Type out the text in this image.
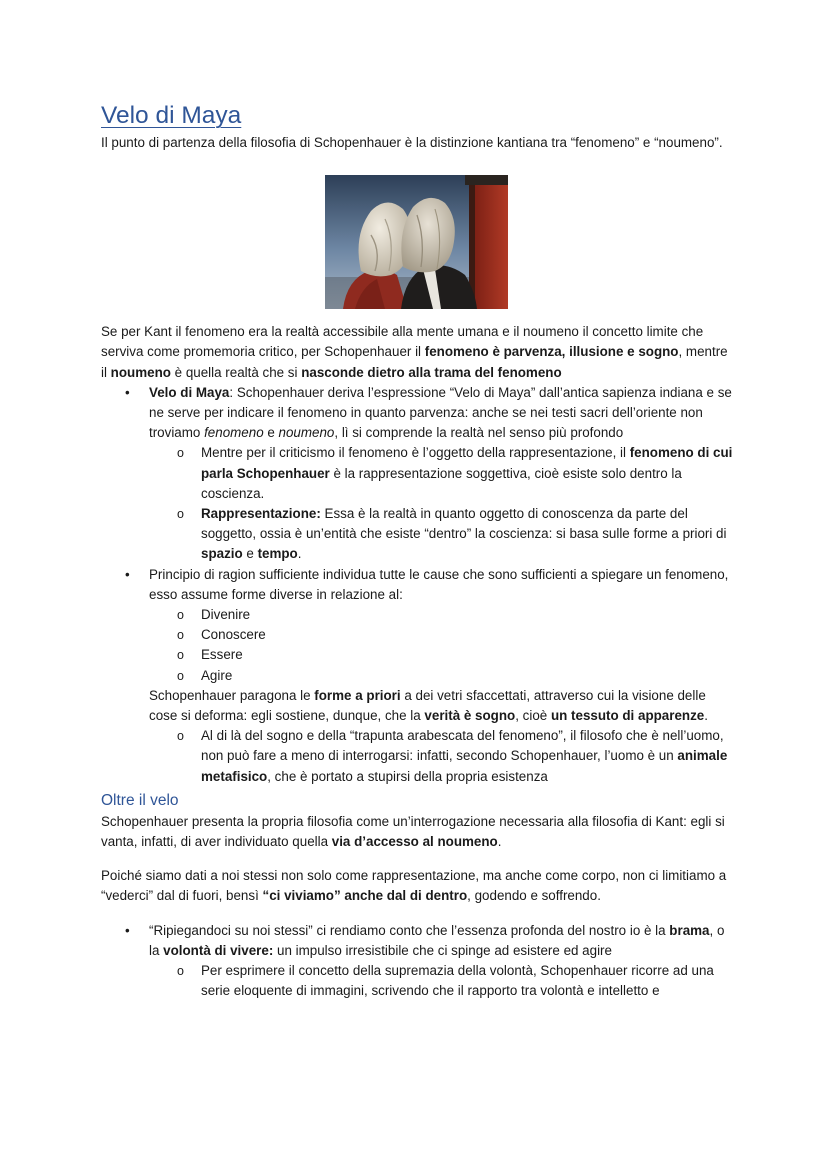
Velo di Maya

Il punto di partenza della filosofia di Schopenhauer è la distinzione kantiana tra “fenomeno” e “noumeno”.

Se per Kant il fenomeno era la realtà accessibile alla mente umana e il noumeno il concetto limite che serviva come promemoria critico, per Schopenhauer il fenomeno è parvenza, illusione e sogno, mentre il noumeno è quella realtà che si nasconde dietro alla trama del fenomeno

• Velo di Maya: Schopenhauer deriva l’espressione “Velo di Maya” dall’antica sapienza indiana e se ne serve per indicare il fenomeno in quanto parvenza: anche se nei testi sacri dell’oriente non troviamo fenomeno e noumeno, lì si comprende la realtà nel senso più profondo
o Mentre per il criticismo il fenomeno è l’oggetto della rappresentazione, il fenomeno di cui parla Schopenhauer è la rappresentazione soggettiva, cioè esiste solo dentro la coscienza.
o Rappresentazione: Essa è la realtà in quanto oggetto di conoscenza da parte del soggetto, ossia è un’entità che esiste “dentro” la coscienza: si basa sulle forme a priori di spazio e tempo.
• Principio di ragion sufficiente individua tutte le cause che sono sufficienti a spiegare un fenomeno, esso assume forme diverse in relazione al:
o Divenire
o Conoscere
o Essere
o Agire

Schopenhauer paragona le forme a priori a dei vetri sfaccettati, attraverso cui la visione delle cose si deforma: egli sostiene, dunque, che la verità è sogno, cioè un tessuto di apparenze.

o Al di là del sogno e della “trapunta arabescata del fenomeno”, il filosofo che è nell’uomo, non può fare a meno di interrogarsi: infatti, secondo Schopenhauer, l’uomo è un animale metafisico, che è portato a stupirsi della propria esistenza
Oltre il velo

Schopenhauer presenta la propria filosofia come un’interrogazione necessaria alla filosofia di Kant: egli si vanta, infatti, di aver individuato quella via d’accesso al noumeno.

Poiché siamo dati a noi stessi non solo come rappresentazione, ma anche come corpo, non ci limitiamo a “vederci” dal di fuori, bensì “ci viviamo” anche dal di dentro, godendo e soffrendo.

• “Ripiegandoci su noi stessi” ci rendiamo conto che l’essenza profonda del nostro io è la brama, o la volontà di vivere: un impulso irresistibile che ci spinge ad esistere ed agire
o Per esprimere il concetto della supremazia della volontà, Schopenhauer ricorre ad una serie eloquente di immagini, scrivendo che il rapporto tra volontà e intelletto e
